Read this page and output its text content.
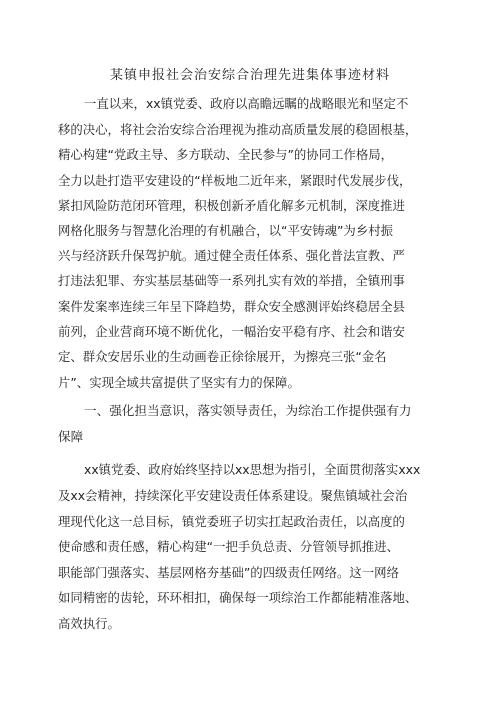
某镇申报社会治安综合治理先进集体事迹材料
一直以来，xx镇党委、政府以高瞻远瞩的战略眼光和坚定不
移的决心，将社会治安综合治理视为推动高质量发展的稳固根基，
精心构建“党政主导、多方联动、全民参与”的协同工作格局，
全力以赴打造平安建设的“样板地二近年来，紧跟时代发展步伐，
紧扣风险防范闭环管理，积极创新矛盾化解多元机制，深度推进
网格化服务与智慧化治理的有机融合，以“平安铸魂”为乡村振
兴与经济跃升保驾护航。通过健全责任体系、强化普法宣教、严
打违法犯罪、夯实基层基础等一系列扎实有效的举措，全镇刑事
案件发案率连续三年呈下降趋势，群众安全感测评始终稳居全县
前列，企业营商环境不断优化，一幅治安平稳有序、社会和谐安
定、群众安居乐业的生动画卷正徐徐展开，为擦亮三张“金名
片”、实现全域共富提供了坚实有力的保障。
一、强化担当意识，落实领导责任，为综治工作提供强有力
保障
xx镇党委、政府始终坚持以xx思想为指引，全面贯彻落实xxx
及xx会精神，持续深化平安建设责任体系建设。聚焦镇域社会治
理现代化这一总目标，镇党委班子切实扛起政治责任，以高度的
使命感和责任感，精心构建“一把手负总责、分管领导抓推进、
职能部门强落实、基层网格夯基础”的四级责任网络。这一网络
如同精密的齿轮，环环相扣，确保每一项综治工作都能精准落地、
高效执行。
